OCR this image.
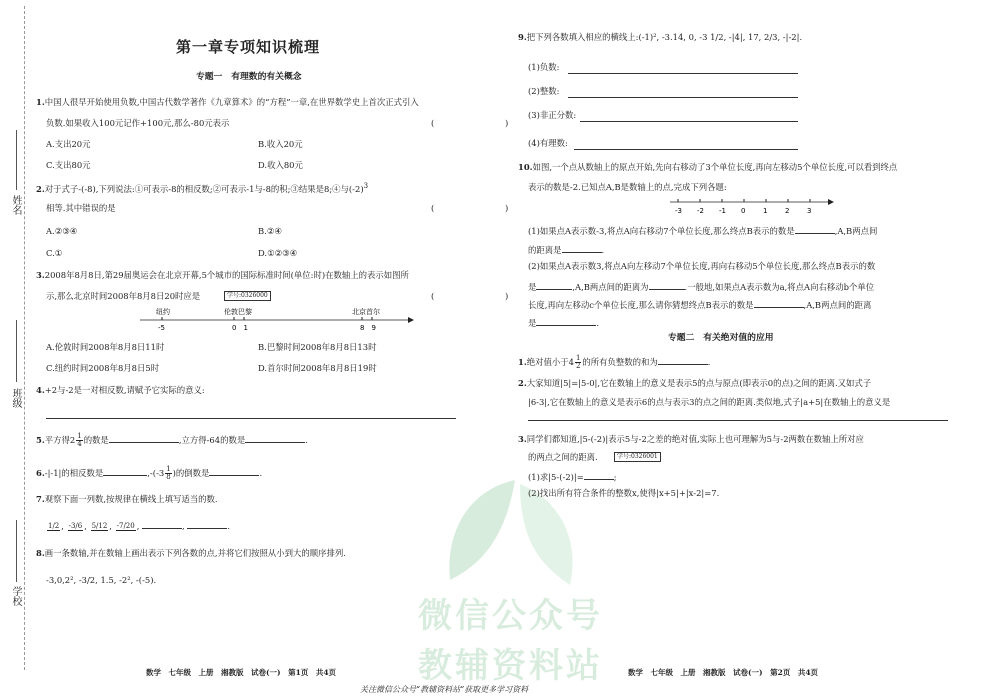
姓名
班级
学校	微信公众号
教辅资料站
第一章专项知识梳理
专题一　有理数的有关概念
1.中国人很早开始使用负数,中国古代数学著作《九章算术》的“方程”一章,在世界数学史上首次正式引入
负数.如果收入100元记作+100元,那么-80元表示	(　　)
A.支出20元	B.收入20元
C.支出80元	D.收入80元
2.对于式子-(-8),下列说法:①可表示-8的相反数;②可表示-1与-8的积;③结果是8;④与$(-2)^3$
相等.其中错误的是	(　　)
A.②③④	B.②④
C.①	D.①②③④
3.2008年8月8日,第29届奥运会在北京开幕,5个城市的国际标准时间(单位:时)在数轴上的表示如图所
示,那么北京时间2008年8月8日20时应是	学号:0326000	(　　)
纽约	伦敦巴黎	北京首尔
-5	0　1	8　9
A.伦敦时间2008年8月8日11时	B.巴黎时间2008年8月8日13时
C.纽约时间2008年8月8日5时	D.首尔时间2008年8月8日19时
4.+2与-2是一对相反数,请赋予它实际的意义:
5.平方得$2 \frac{1}{4}$ 的数是	,立方得-64的数是	.
6.-|-1|的相反数是	$,-(-3 \frac{1}{8}$ )的倒数是	.
7.观察下面一列数,按规律在横线上填写适当的数.
1/2 , -3/6 , 5/12 , -7/20 ,	,	.
8.画一条数轴,并在数轴上画出表示下列各数的点,并将它们按照从小到大的顺序排列.
-3,0,2², -3/2, 1.5, -2², -(-5).
数学　七年级　上册　湘教版　试卷(一)　第1页　共4页
9.把下列各数填入相应的横线上:(-1)², -3.14, 0, -3 1/2, -|4|, 17, 2/3, -|-2|.
(1)负数:
(2)整数:
(3)非正分数:
(4)有理数:
10.如图,一个点从数轴上的原点开始,先向右移动了3个单位长度,再向左移动5个单位长度,可以看到终点
表示的数是-2.已知点A,B是数轴上的点,完成下列各题:
-3 -2 -1 0	1	2	3
(1)如果点A表示数-3,将点A向右移动7个单位长度,那么终点B表示的数是	,A,B两点间
的距离是	.
(2)如果点A表示数3,将点A向左移动7个单位长度,再向右移动5个单位长度,那么终点B表示的数
是	,A,B两点间的距离为	.一般地,如果点A表示数为a,将点A向右移动b个单位
长度,再向左移动c个单位长度,那么请你猜想终点B表示的数是	,A,B两点间的距离
是	.
专题二　有关绝对值的应用
1.绝对值小于$4 \frac{1}{2}$ 的所有负整数的和为	.
2.大家知道|5|=|5-0|,它在数轴上的意义是表示5的点与原点(即表示0的点)之间的距离.又如式子
|6-3|,它在数轴上的意义是表示6的点与表示3的点之间的距离.类似地,式子|a+5|在数轴上的意义是
3.同学们都知道,|5-(-2)|表示5与-2之差的绝对值,实际上也可理解为5与-2两数在数轴上所对应
的两点之间的距离.	学号:0326001
(1)求|5-(-2)|=	;
(2)找出所有符合条件的整数x,使得|x+5|+|x-2|=7.
数学　七年级　上册　湘教版　试卷(一)　第2页　共4页
关注微信公众号“教辅资料站”获取更多学习资料
